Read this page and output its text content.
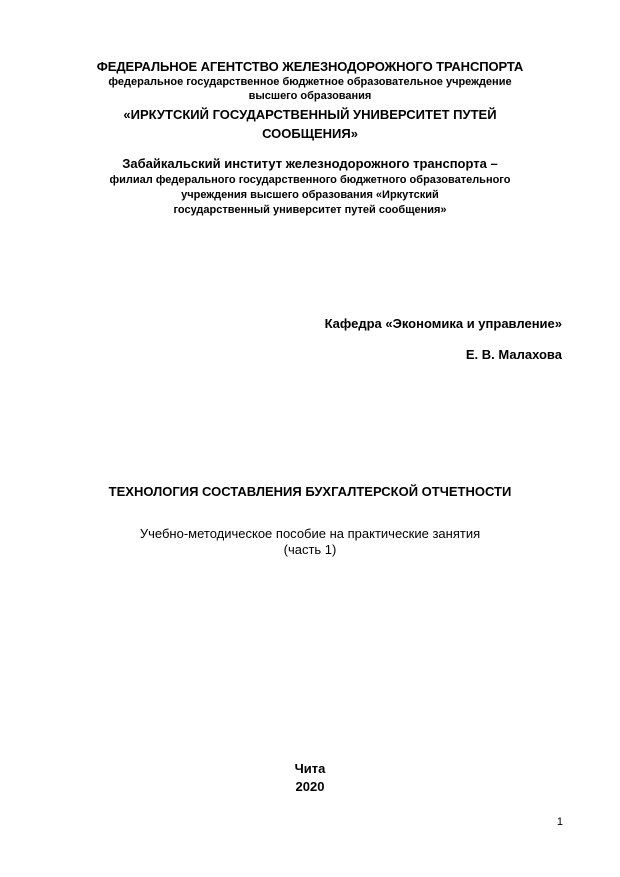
ФЕДЕРАЛЬНОЕ АГЕНТСТВО ЖЕЛЕЗНОДОРОЖНОГО ТРАНСПОРТА
федеральное государственное бюджетное образовательное учреждение
высшего образования
«ИРКУТСКИЙ ГОСУДАРСТВЕННЫЙ УНИВЕРСИТЕТ ПУТЕЙ
СООБЩЕНИЯ»
Забайкальский институт железнодорожного транспорта –
филиал федерального государственного бюджетного образовательного
учреждения высшего образования «Иркутский
государственный университет путей сообщения»
Кафедра «Экономика и управление»
Е. В. Малахова
ТЕХНОЛОГИЯ СОСТАВЛЕНИЯ БУХГАЛТЕРСКОЙ ОТЧЕТНОСТИ
Учебно-методическое пособие на практические занятия
(часть 1)
Чита
2020
1
